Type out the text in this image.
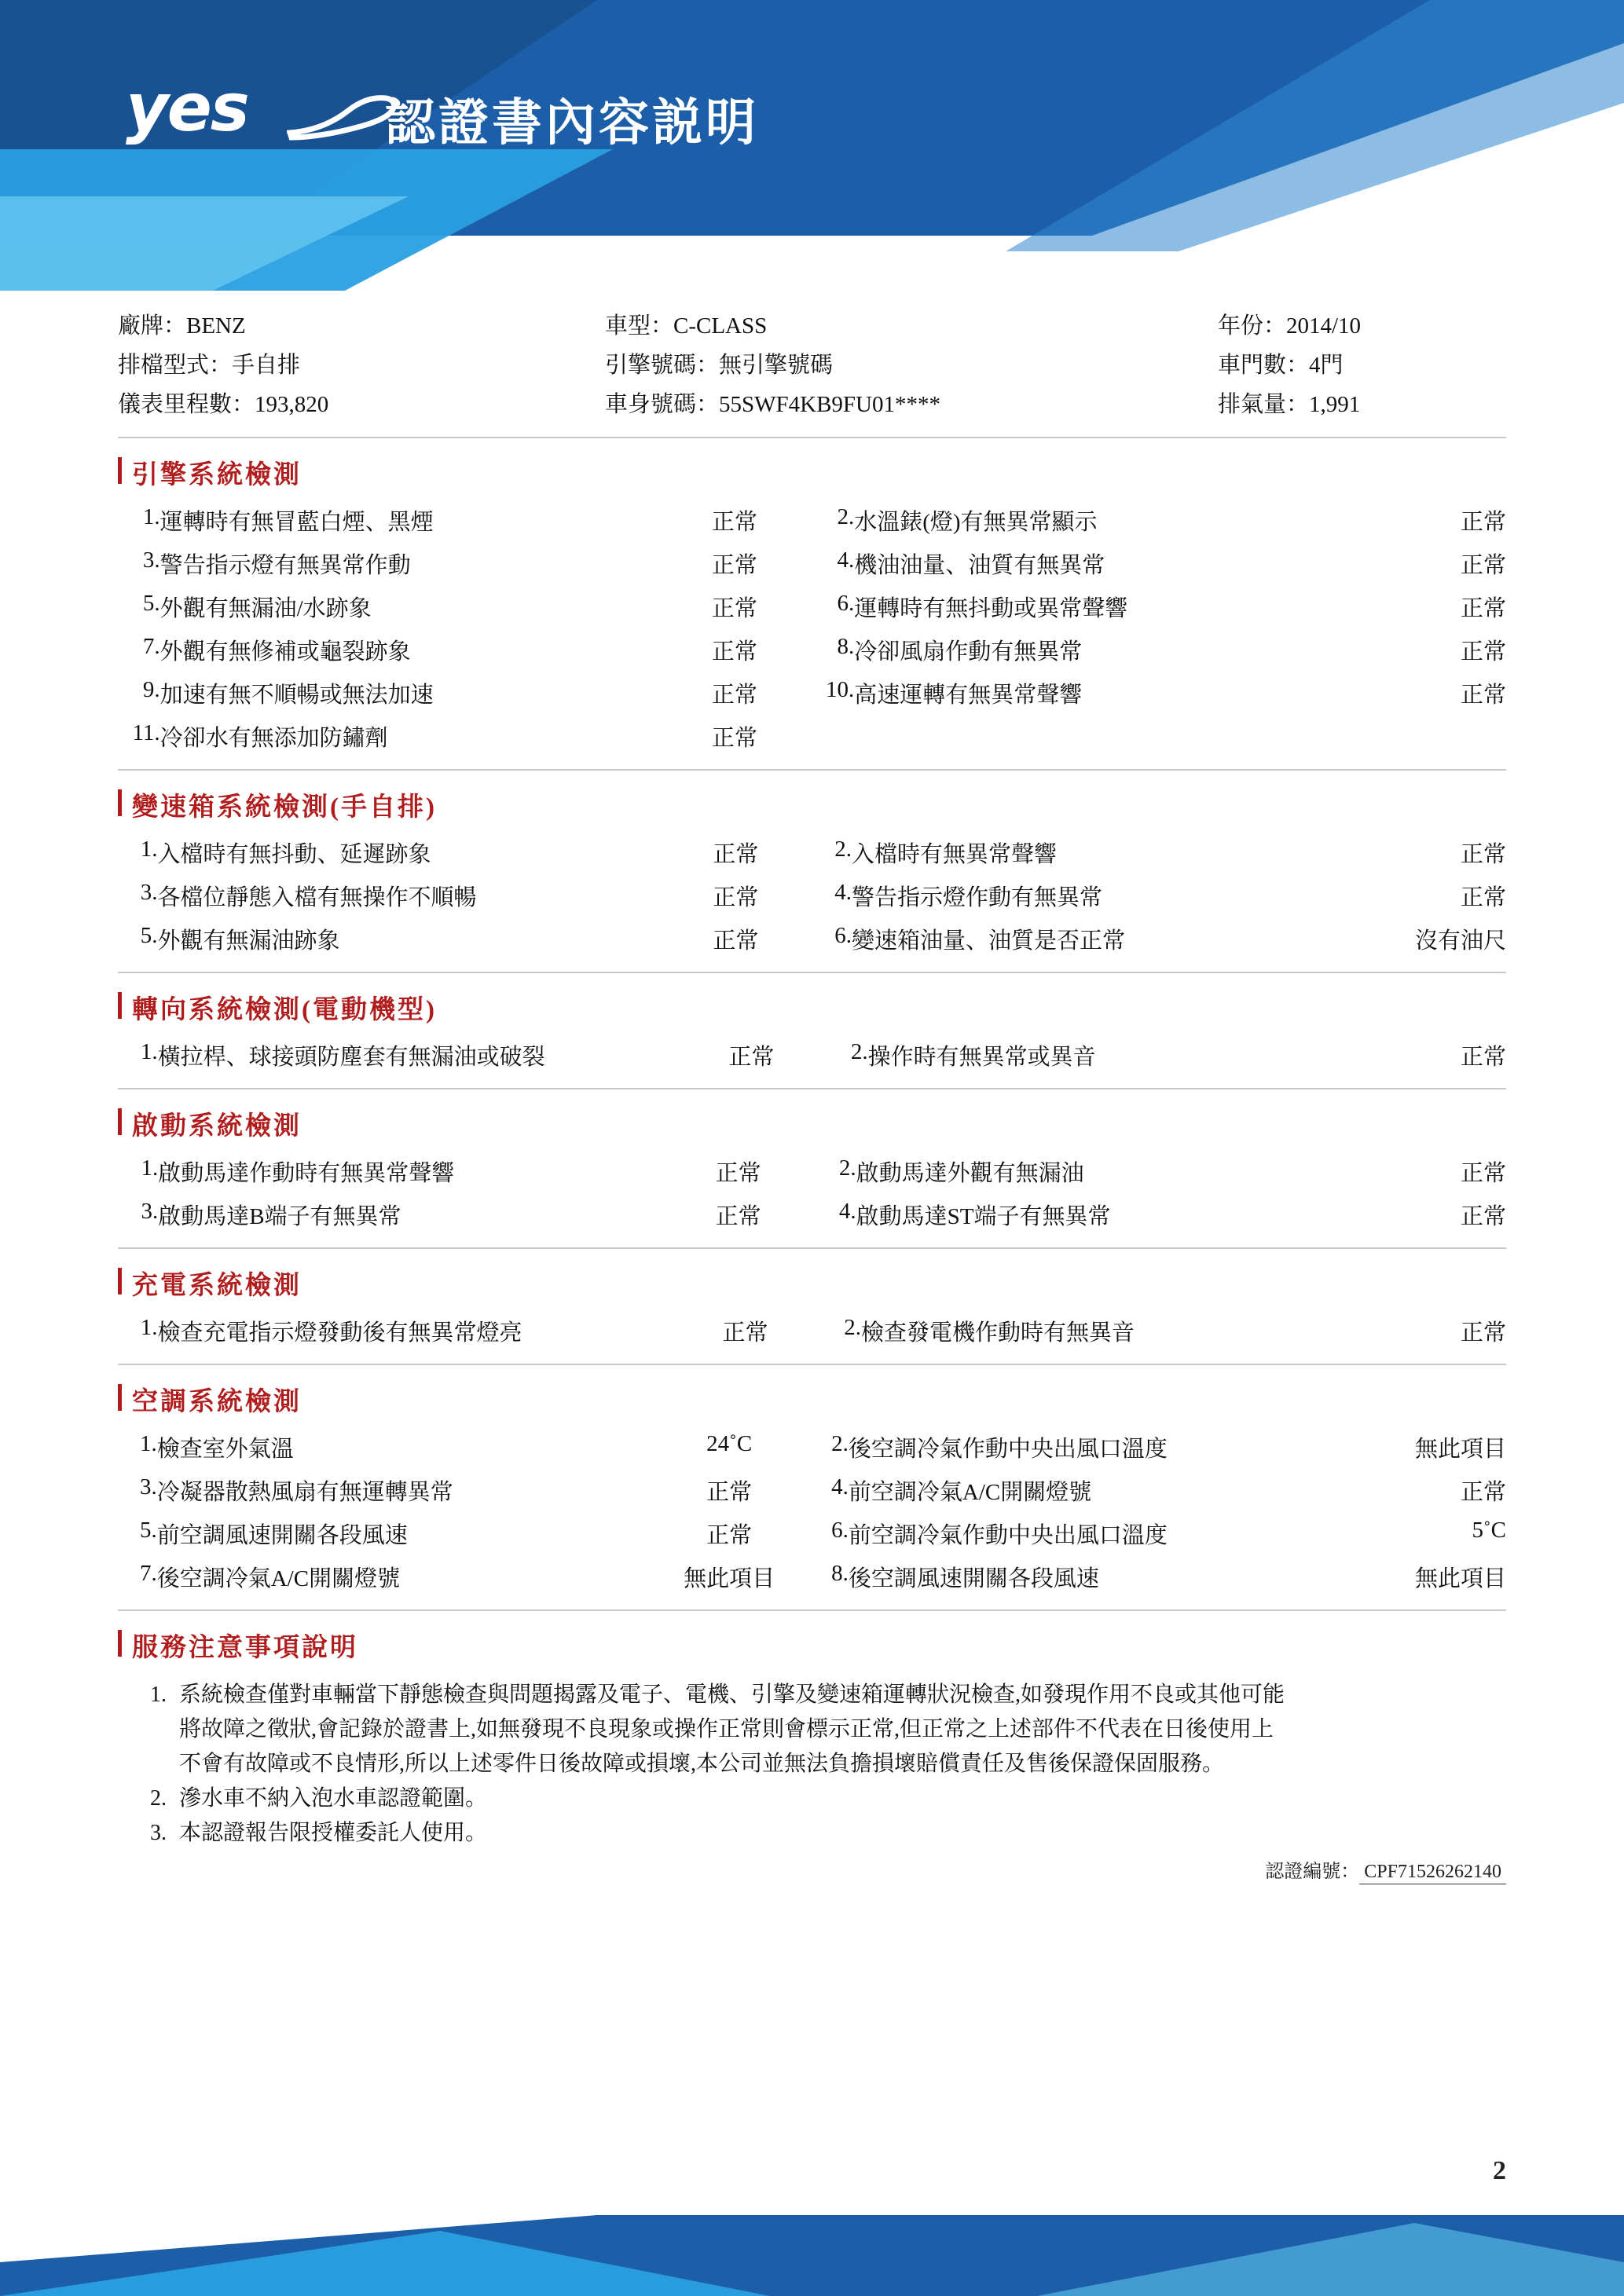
yes	認證書內容説明
廠牌：BENZ
排檔型式：手自排
儀表里程數：193,820
車型：C-CLASS
引擎號碼：無引擎號碼
車身號碼：55SWF4KB9FU01****
年份：2014/10
車門數：4門
排氣量：1,991
引擎系統檢測
1.	運轉時有無冒藍白煙、黑煙	正常	2.	水溫錶(燈)有無異常顯示	正常
3.	警告指示燈有無異常作動	正常	4.	機油油量、油質有無異常	正常
5.	外觀有無漏油/水跡象	正常	6.	運轉時有無抖動或異常聲響	正常
7.	外觀有無修補或龜裂跡象	正常	8.	冷卻風扇作動有無異常	正常
9.	加速有無不順暢或無法加速	正常	10.	高速運轉有無異常聲響	正常
11.	冷卻水有無添加防鏽劑	正常			
變速箱系統檢測(手自排)
1.	入檔時有無抖動、延遲跡象	正常	2.	入檔時有無異常聲響	正常
3.	各檔位靜態入檔有無操作不順暢	正常	4.	警告指示燈作動有無異常	正常
5.	外觀有無漏油跡象	正常	6.	變速箱油量、油質是否正常	沒有油尺
轉向系統檢測(電動機型)
1.	橫拉桿、球接頭防塵套有無漏油或破裂	正常	2.	操作時有無異常或異音	正常
啟動系統檢測
1.	啟動馬達作動時有無異常聲響	正常	2.	啟動馬達外觀有無漏油	正常
3.	啟動馬達B端子有無異常	正常	4.	啟動馬達ST端子有無異常	正常
充電系統檢測
1.	檢查充電指示燈發動後有無異常燈亮	正常	2.	檢查發電機作動時有無異音	正常
空調系統檢測
1.	檢查室外氣溫	24˚C	2.	後空調冷氣作動中央出風口溫度	無此項目
3.	冷凝器散熱風扇有無運轉異常	正常	4.	前空調冷氣A/C開關燈號	正常
5.	前空調風速開關各段風速	正常	6.	前空調冷氣作動中央出風口溫度	5˚C
7.	後空調冷氣A/C開關燈號	無此項目	8.	後空調風速開關各段風速	無此項目
服務注意事項說明
1. 系統檢查僅對車輛當下靜態檢查與問題揭露及電子、電機、引擎及變速箱運轉狀況檢查,如發現作用不良或其他可能
將故障之徵狀,會記錄於證書上,如無發現不良現象或操作正常則會標示正常,但正常之上述部件不代表在日後使用上
不會有故障或不良情形,所以上述零件日後故障或損壞,本公司並無法負擔損壞賠償責任及售後保證保固服務。
2. 滲水車不納入泡水車認證範圍。
3. 本認證報告限授權委託人使用。
認證編號： CPF71526262140
2
